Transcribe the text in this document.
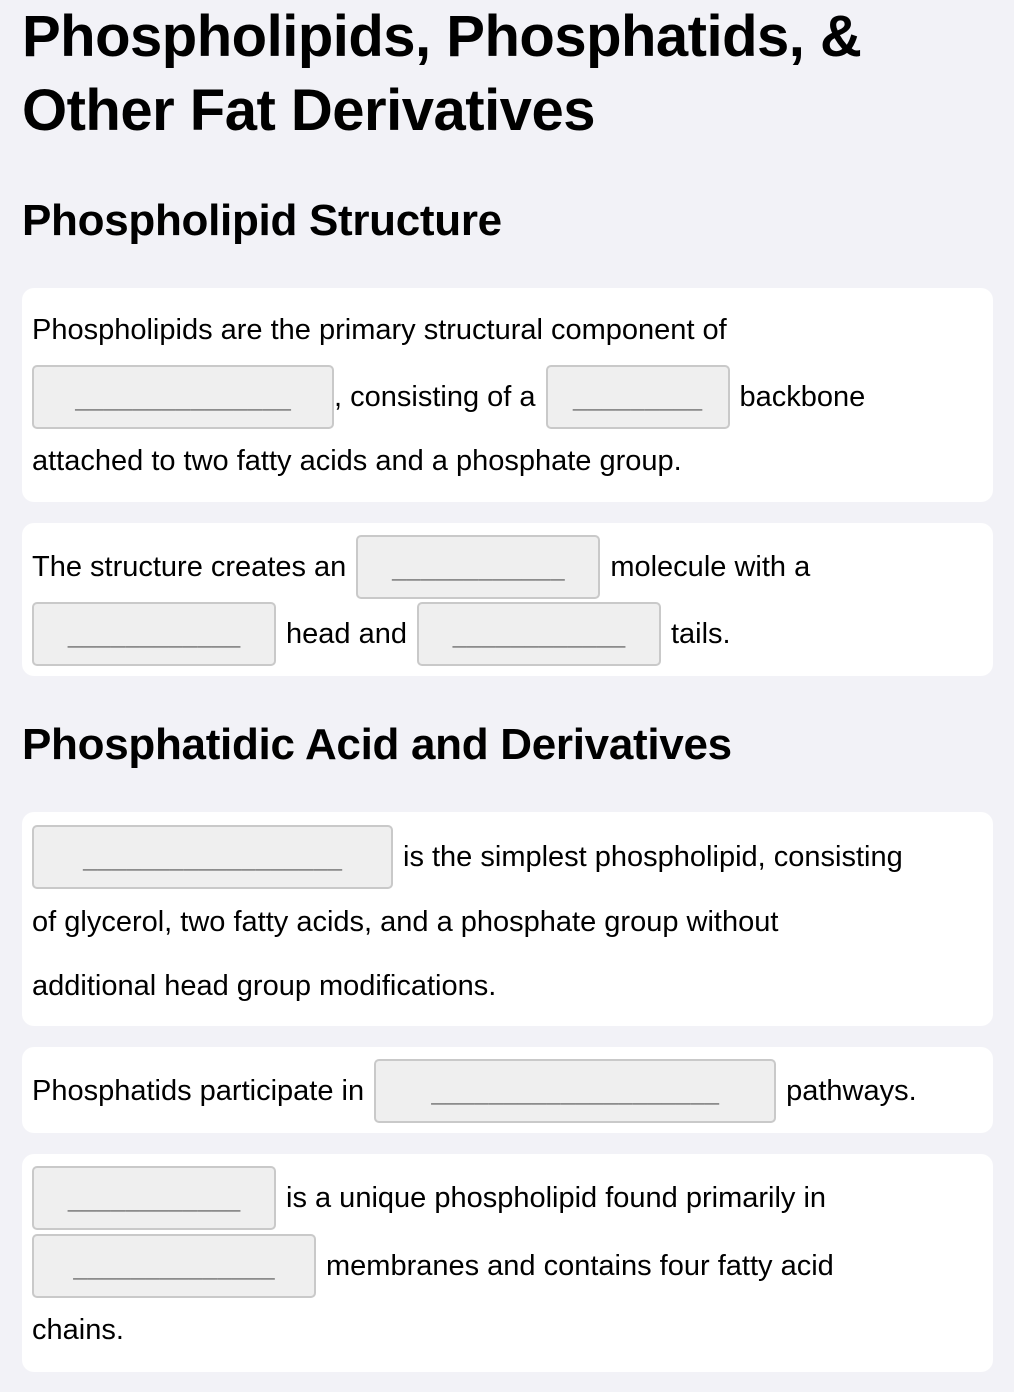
Phospholipids, Phosphatids, & Other Fat Derivatives
Phospholipid Structure
Phospholipids are the primary structural component of
_______________ , consisting of a _________ backbone
attached to two fatty acids and a phosphate group.
The structure creates an ____________ molecule with a
____________ head and ____________ tails.
Phosphatidic Acid and Derivatives
__________________ is the simplest phospholipid, consisting
of glycerol, two fatty acids, and a phosphate group without
additional head group modifications.
Phosphatids participate in	____________________ pathways.
____________ is a unique phospholipid found primarily in
______________ membranes and contains four fatty acid
chains.
